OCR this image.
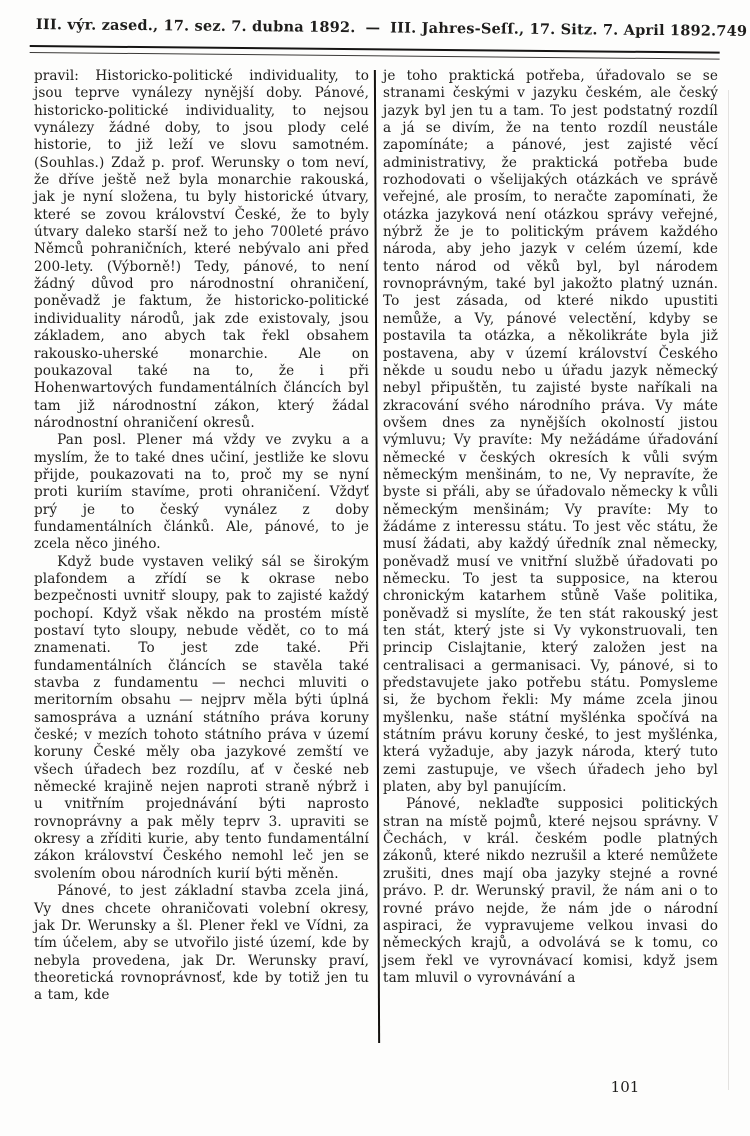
III. výr. zased., 17. sez. 7. dubna 1892. — III. Jahres-Seſſ., 17. Sitz. 7. April 1892. 749

pravil: Historicko-politické individuality, to jsou teprve vynálezy nynější doby. Pánové, historicko-politické individuality, to nejsou vynálezy žádné doby, to jsou plody celé historie, to již leží ve slovu samotném. (Souhlas.) Zdaž p. prof. Werunsky o tom neví, že dříve ještě než byla monarchie rakouská, jak je nyní složena, tu byly historické útvary, které se zovou království České, že to byly útvary daleko starší než to jeho 700leté právo Němců pohraničních, které nebývalo ani před 200-lety. (Výborně!) Tedy, pánové, to není žádný důvod pro národnostní ohraničení, poněvadž je faktum, že historicko-politické individuality národů, jak zde existovaly, jsou základem, ano abych tak řekl obsahem rakousko-uherské monarchie. Ale on poukazoval také na to, že i při Hohenwartových fundamentálních článcích byl tam již národnostní zákon, který žádal národnostní ohraničení okresů.

Pan posl. Plener má vždy ve zvyku a a myslím, že to také dnes učiní, jestliže ke slovu přijde, poukazovati na to, proč my se nyní proti kuriím stavíme, proti ohraničení. Vždyť prý je to český vynález z doby fundamentálních článků. Ale, pánové, to je zcela něco jiného.

Když bude vystaven veliký sál se širokým plafondem a zřídí se k okrase nebo bezpečnosti uvnitř sloupy, pak to zajisté každý pochopí. Když však někdo na prostém místě postaví tyto sloupy, nebude vědět, co to má znamenati. To jest zde také. Při fundamentálních článcích se stavěla také stavba z fundamentu — nechci mluviti o meritorním obsahu — nejprv měla býti úplná samospráva a uznání státního práva koruny české; v mezích tohoto státního práva v území koruny České měly oba jazykové zemští ve všech úřadech bez rozdílu, ať v české neb německé krajině nejen naproti straně nýbrž i u vnitřním projednávání býti naprosto rovnoprávny a pak měly teprv 3. upraviti se okresy a zříditi kurie, aby tento fundamentální zákon království Českého nemohl leč jen se svolením obou národních kurií býti měněn.

Pánové, to jest základní stavba zcela jiná, Vy dnes chcete ohraničovati volební okresy, jak Dr. Werunsky a šl. Plener řekl ve Vídni, za tím účelem, aby se utvořilo jisté území, kde by nebyla provedena, jak Dr. Werunsky praví, theoretická rovnoprávnosť, kde by totiž jen tu a tam, kde

je toho praktická potřeba, úřadovalo se se stranami českými v jazyku českém, ale český jazyk byl jen tu a tam. To jest podstatný rozdíl a já se divím, že na tento rozdíl neustále zapomínáte; a pánové, jest zajisté věcí administrativy, že praktická potřeba bude rozhodovati o všelijakých otázkách ve správě veřejné, ale prosím, to neračte zapomínati, že otázka jazyková není otázkou správy veřejné, nýbrž že je to politickým právem každého národa, aby jeho jazyk v celém území, kde tento národ od věků byl, byl národem rovnoprávným, také byl jakožto platný uznán. To jest zásada, od které nikdo upustiti nemůže, a Vy, pánové velectění, kdyby se postavila ta otázka, a několikráte byla již postavena, aby v území království Českého někde u soudu nebo u úřadu jazyk německý nebyl připuštěn, tu zajisté byste naříkali na zkracování svého národního práva. Vy máte ovšem dnes za nynějších okolností jistou výmluvu; Vy pravíte: My nežádáme úřadování německé v českých okresích k vůli svým německým menšinám, to ne, Vy nepravíte, že byste si přáli, aby se úřadovalo německy k vůli německým menšinám; Vy pravíte: My to žádáme z interessu státu. To jest věc státu, že musí žádati, aby každý úředník znal německy, poněvadž musí ve vnitřní službě úřadovati po německu. To jest ta supposice, na kterou chronickým katarhem stůně Vaše politika, poněvadž si myslíte, že ten stát rakouský jest ten stát, který jste si Vy vykonstruovali, ten princip Cislajtanie, který založen jest na centralisaci a germanisaci. Vy, pánové, si to představujete jako potřebu státu. Pomysleme si, že bychom řekli: My máme zcela jinou myšlenku, naše státní myšlénka spočívá na státním právu koruny české, to jest myšlénka, která vyžaduje, aby jazyk národa, který tuto zemi zastupuje, ve všech úřadech jeho byl platen, aby byl panujícím.

Pánové, neklaďte supposici politických stran na místě pojmů, které nejsou správny. V Čechách, v král. českém podle platných zákonů, které nikdo nezrušil a které nemůžete zrušiti, dnes mají oba jazyky stejné a rovné právo. P. dr. Werunský pravil, že nám ani o to rovné právo nejde, že nám jde o národní aspiraci, že vypravujeme velkou invasi do německých krajů, a odvolává se k tomu, co jsem řekl ve vyrovnávací komisi, když jsem tam mluvil o vyrovnávání a

101
